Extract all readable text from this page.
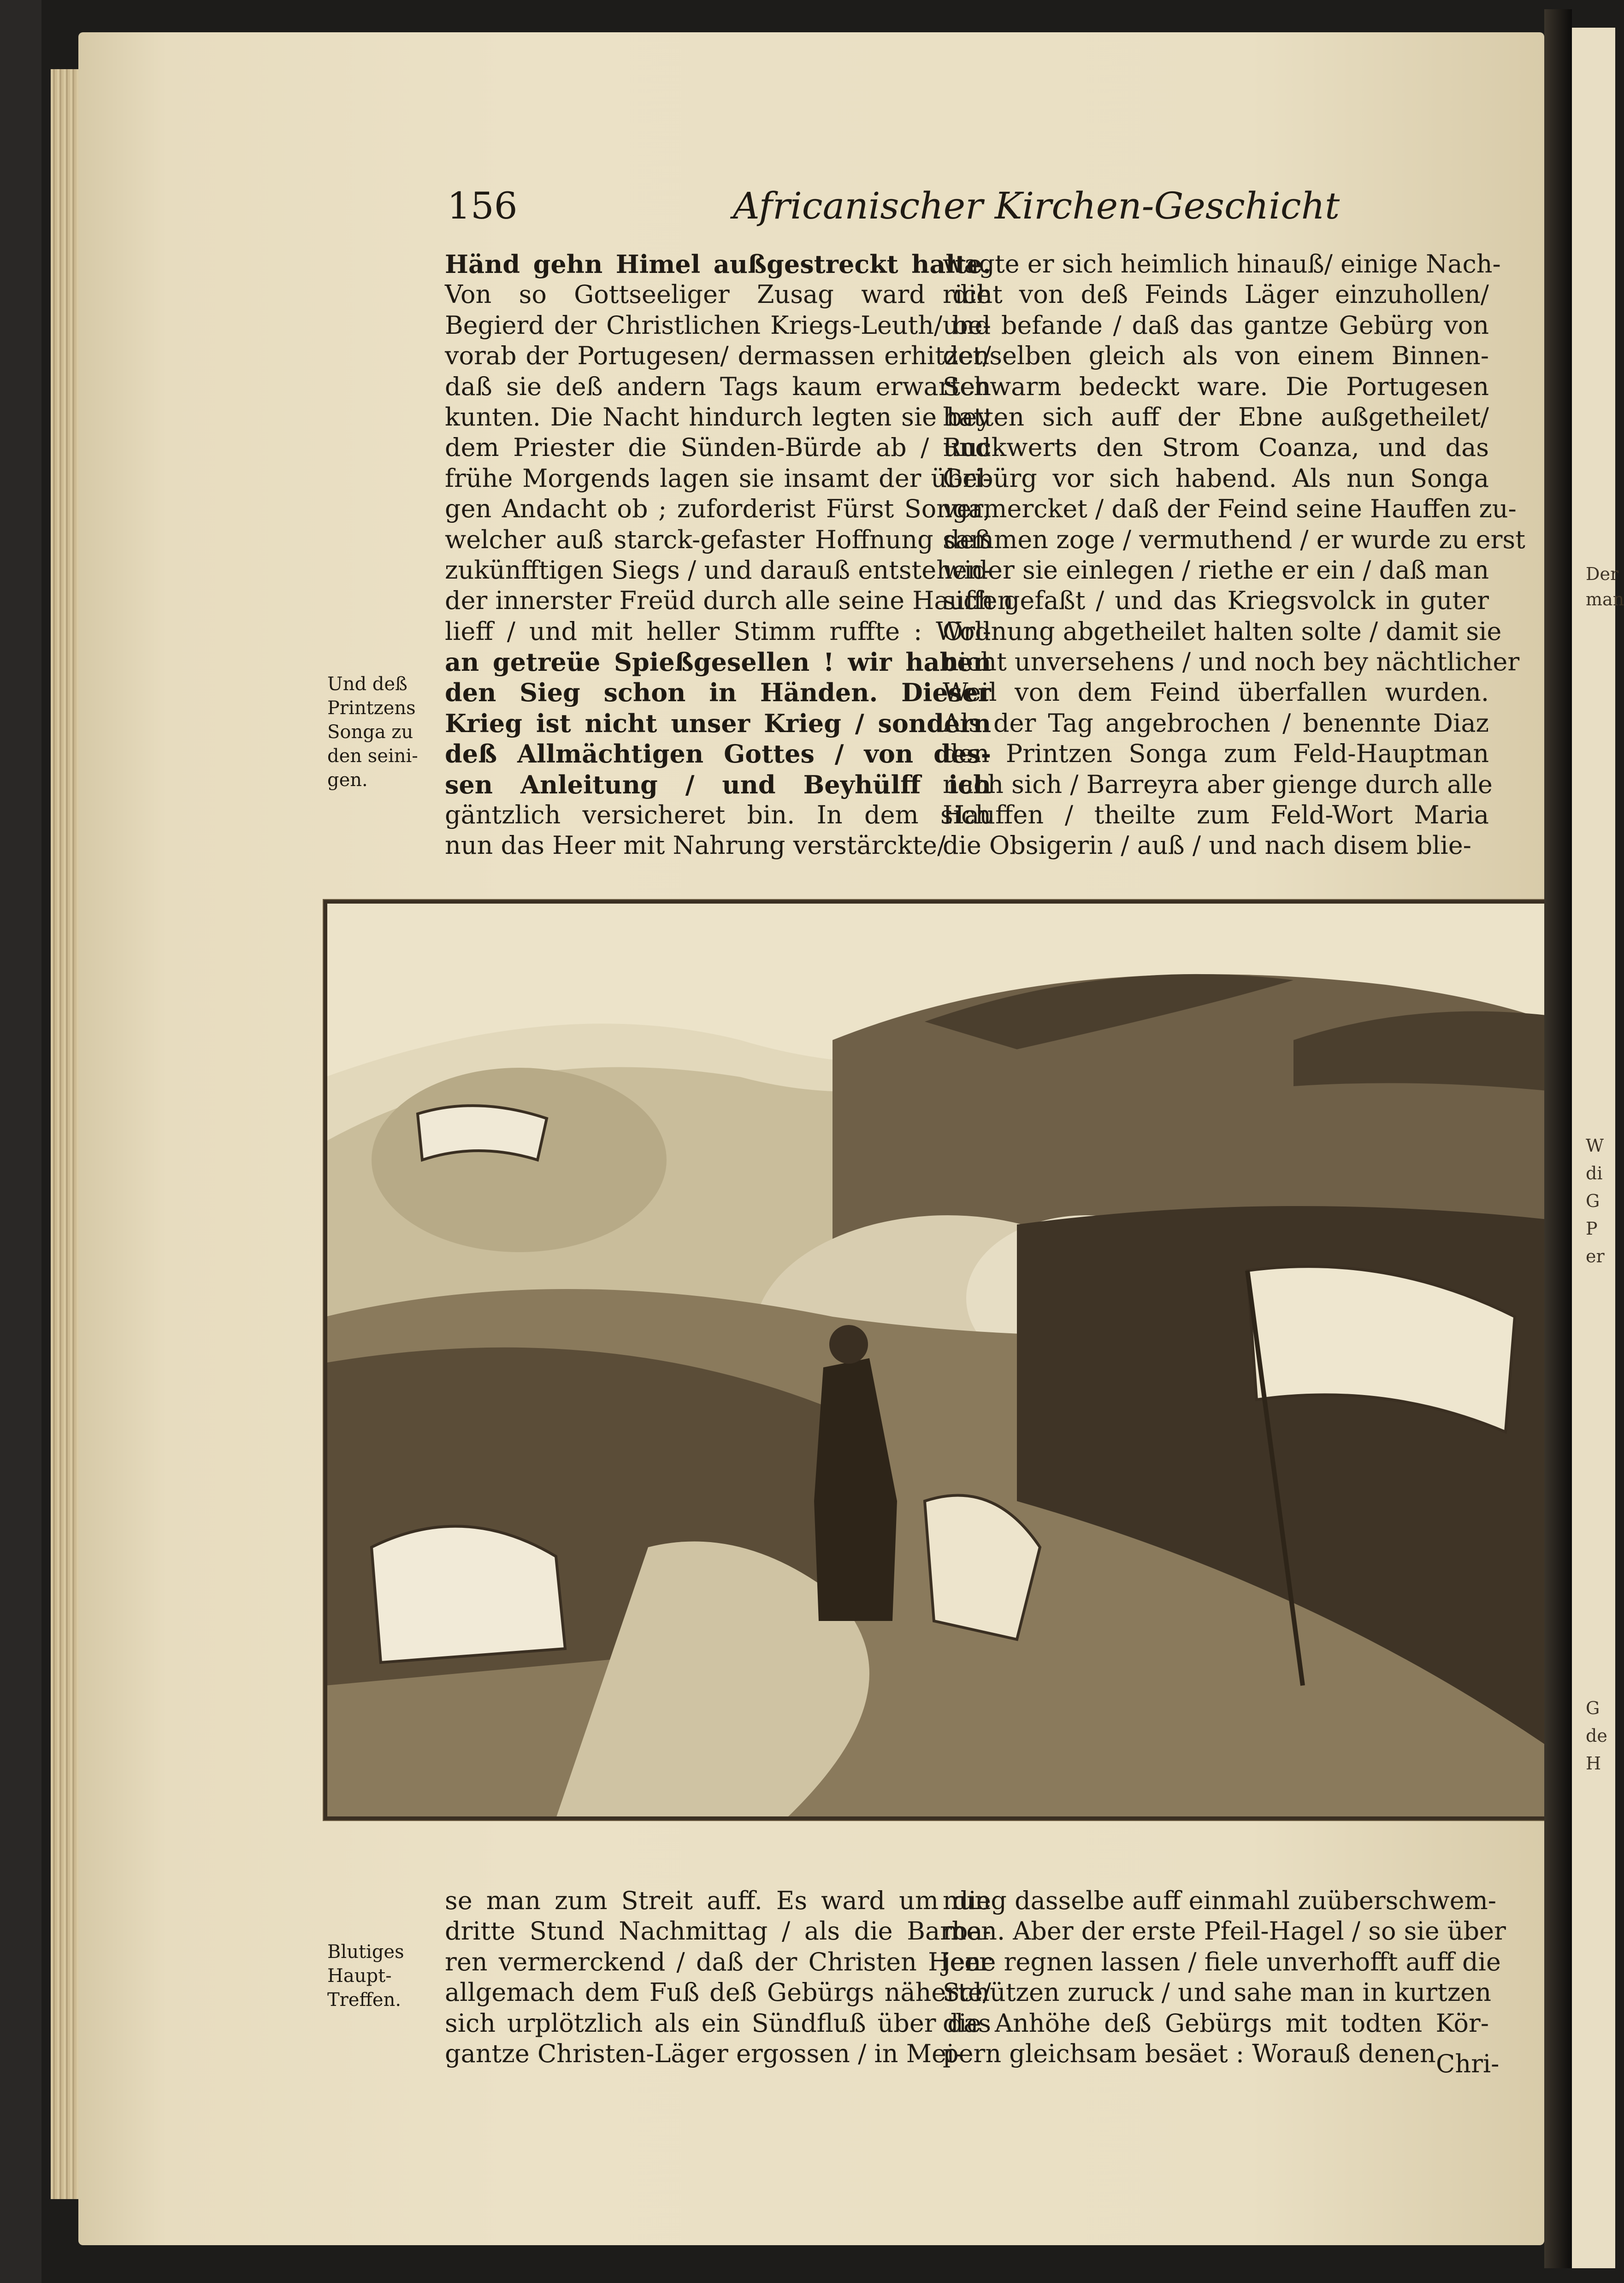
156	Africanischer Kirchen-Geschicht
Händ gehn Himel außgestreckt halte.
Von so Gottseeliger Zusag ward die
Begierd der Christlichen Kriegs-Leuth/ be-
vorab der Portugesen/ dermassen erhitzet/
daß sie deß andern Tags kaum erwarten
kunten. Die Nacht hindurch legten sie bey
dem Priester die Sünden-Bürde ab / und
frühe Morgends lagen sie insamt der übri-
gen Andacht ob ; zuforderist Fürst Songa,
welcher auß starck-gefaster Hoffnung deß
zukünfftigen Siegs / und darauß entstehen-
der innerster Freüd durch alle seine Hauffen
lieff / und mit heller Stimm ruffte : Wol-
an getreüe Spießgesellen ! wir haben
den Sieg schon in Händen. Dieser
Krieg ist nicht unser Krieg / sondern
deß Allmächtigen Gottes / von des-
sen Anleitung / und Beyhülff ich
gäntzlich versicheret bin. In dem sich
nun das Heer mit Nahrung verstärckte/
wagte er sich heimlich hinauß/ einige Nach-
richt von deß Feinds Läger einzuhollen/
und befande / daß das gantze Gebürg von
denselben gleich als von einem Binnen-
Schwarm bedeckt ware. Die Portugesen
hatten sich auff der Ebne außgetheilet/
Ruckwerts den Strom Coanza, und das
Gebürg vor sich habend. Als nun Songa
vermercket / daß der Feind seine Hauffen zu-
sammen zoge / vermuthend / er wurde zu erst
wider sie einlegen / riethe er ein / daß man
sich gefaßt / und das Kriegsvolck in guter
Ordnung abgetheilet halten solte / damit sie
nicht unversehens / und noch bey nächtlicher
Weil von dem Feind überfallen wurden.
Als der Tag angebrochen / benennte Diaz
den Printzen Songa zum Feld-Hauptman
nach sich / Barreyra aber gienge durch alle
Hauffen / theilte zum Feld-Wort Maria
die Obsigerin / auß / und nach disem blie-
Und deß
Printzens
Songa zu
den seini-
gen.
se man zum Streit auff. Es ward um die
dritte Stund Nachmittag / als die Barba-
ren vermerckend / daß der Christen Heer
allgemach dem Fuß deß Gebürgs näherte/
sich urplötzlich als ein Sündfluß über das
gantze Christen-Läger ergossen / in Mei-
nung dasselbe auff einmahl zuüberschwem-
men. Aber der erste Pfeil-Hagel / so sie über
jene regnen lassen / fiele unverhofft auff die
Schützen zuruck / und sahe man in kurtzen
die Anhöhe deß Gebürgs mit todten Kör-
pern gleichsam besäet : Worauß denen
Blutiges
Haupt-
Treffen.
Chri-
Der
man
W
di
G
P
er
G
de
H
